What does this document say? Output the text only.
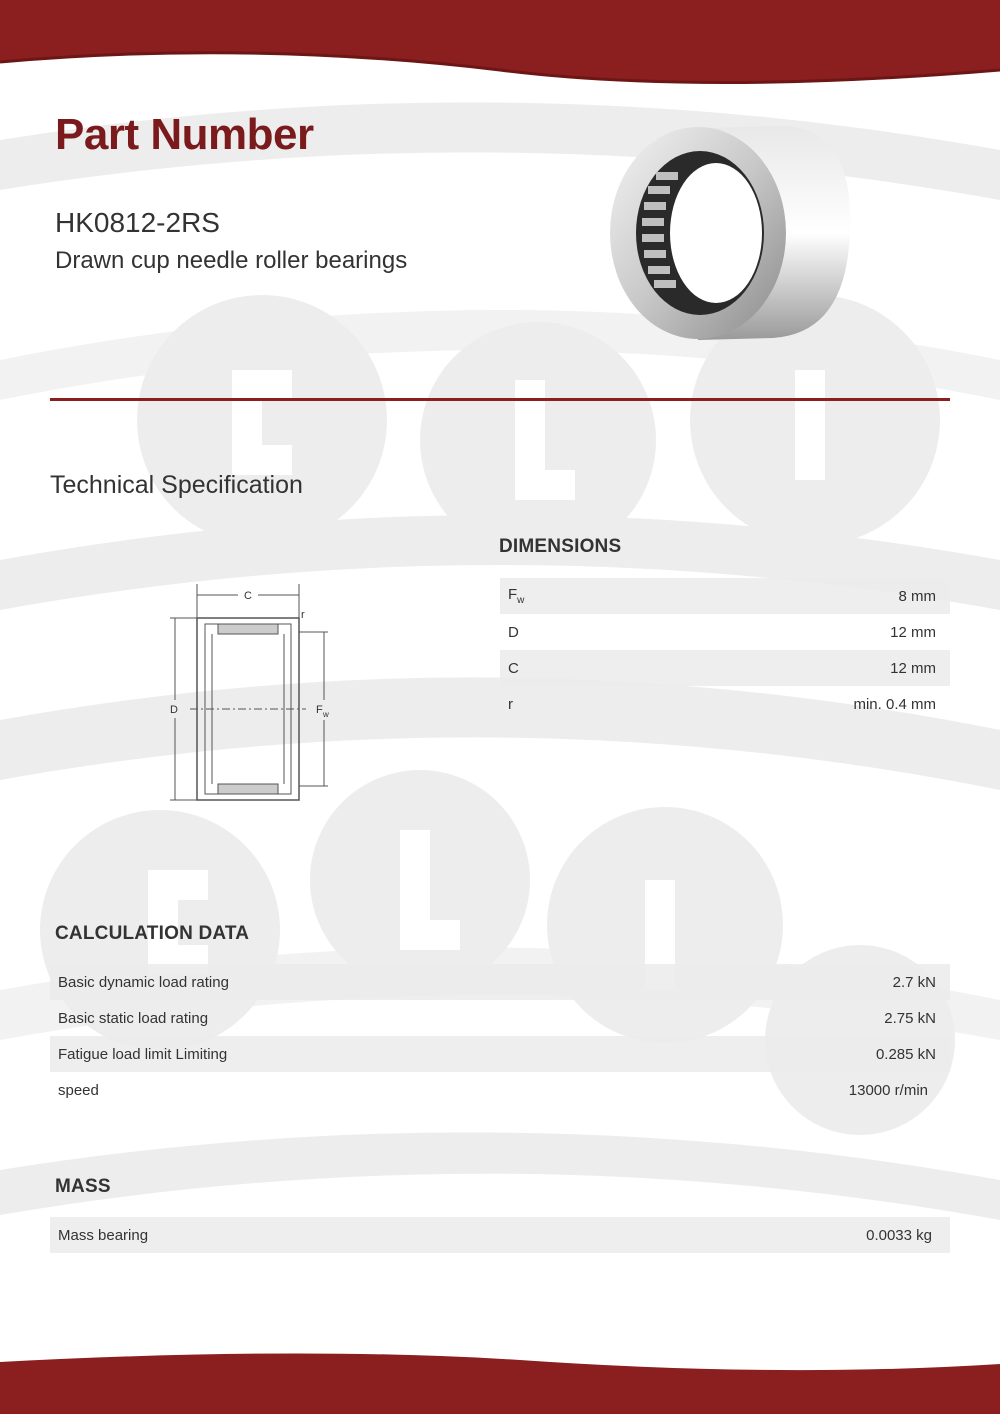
Part Number
HK0812-2RS
Drawn cup needle roller bearings
Technical Specification
C
r
D	F w
DIMENSIONS
$F_w$	8 mm
D	12 mm
C	12 mm
r	min. 0.4 mm
CALCULATION DATA
Basic dynamic load rating	2.7 kN
Basic static load rating	2.75 kN
Fatigue load limit Limiting	0.285 kN
speed	13000 r/min
MASS
Mass bearing	0.0033 kg
